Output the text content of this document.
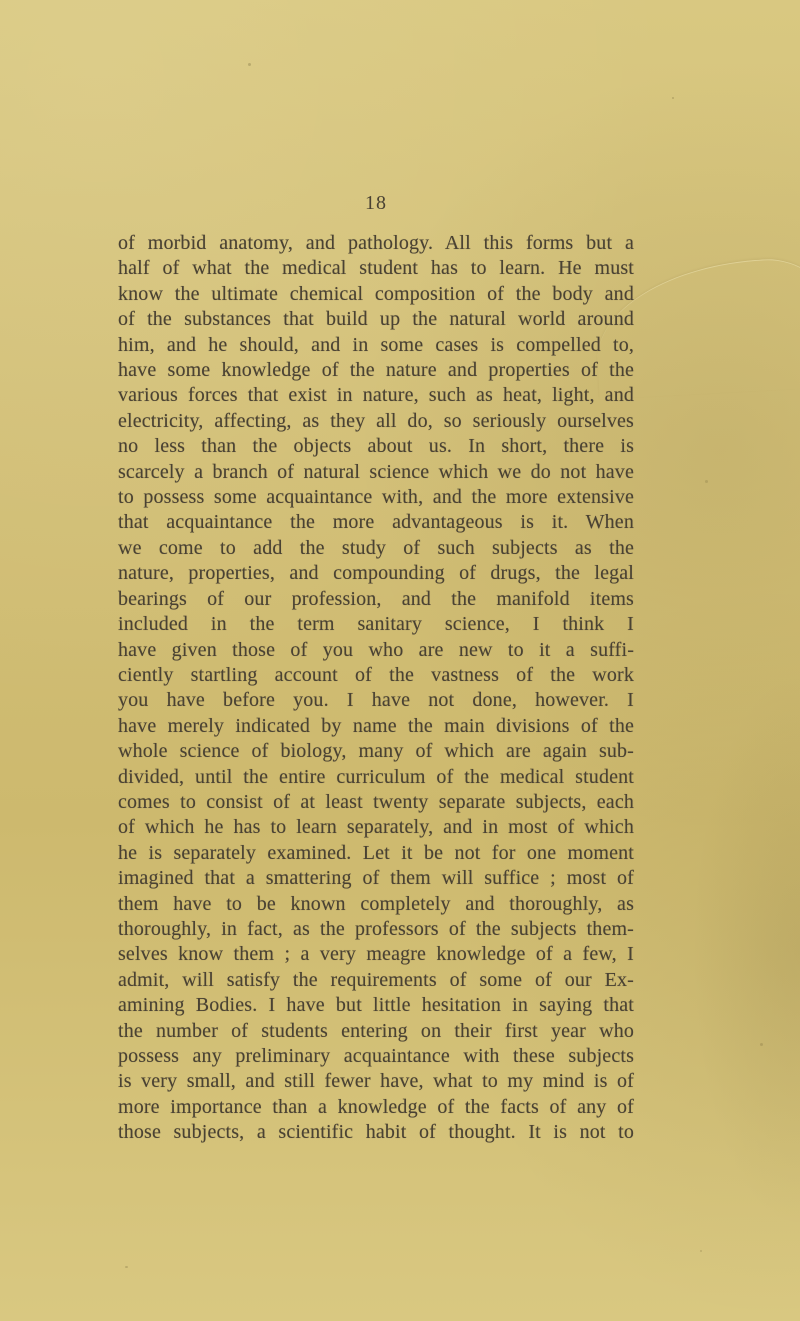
18
of morbid anatomy, and pathology. All this forms but a
half of what the medical student has to learn. He must
know the ultimate chemical composition of the body and
of the substances that build up the natural world around
him, and he should, and in some cases is compelled to,
have some knowledge of the nature and properties of the
various forces that exist in nature, such as heat, light, and
electricity, affecting, as they all do, so seriously ourselves
no less than the objects about us. In short, there is
scarcely a branch of natural science which we do not have
to possess some acquaintance with, and the more extensive
that acquaintance the more advantageous is it. When
we come to add the study of such subjects as the
nature, properties, and compounding of drugs, the legal
bearings of our profession, and the manifold items
included in the term sanitary science, I think I
have given those of you who are new to it a suffi-
ciently startling account of the vastness of the work
you have before you. I have not done, however. I
have merely indicated by name the main divisions of the
whole science of biology, many of which are again sub-
divided, until the entire curriculum of the medical student
comes to consist of at least twenty separate subjects, each
of which he has to learn separately, and in most of which
he is separately examined. Let it be not for one moment
imagined that a smattering of them will suffice ; most of
them have to be known completely and thoroughly, as
thoroughly, in fact, as the professors of the subjects them-
selves know them ; a very meagre knowledge of a few, I
admit, will satisfy the requirements of some of our Ex-
amining Bodies. I have but little hesitation in saying that
the number of students entering on their first year who
possess any preliminary acquaintance with these subjects
is very small, and still fewer have, what to my mind is of
more importance than a knowledge of the facts of any of
those subjects, a scientific habit of thought. It is not to
